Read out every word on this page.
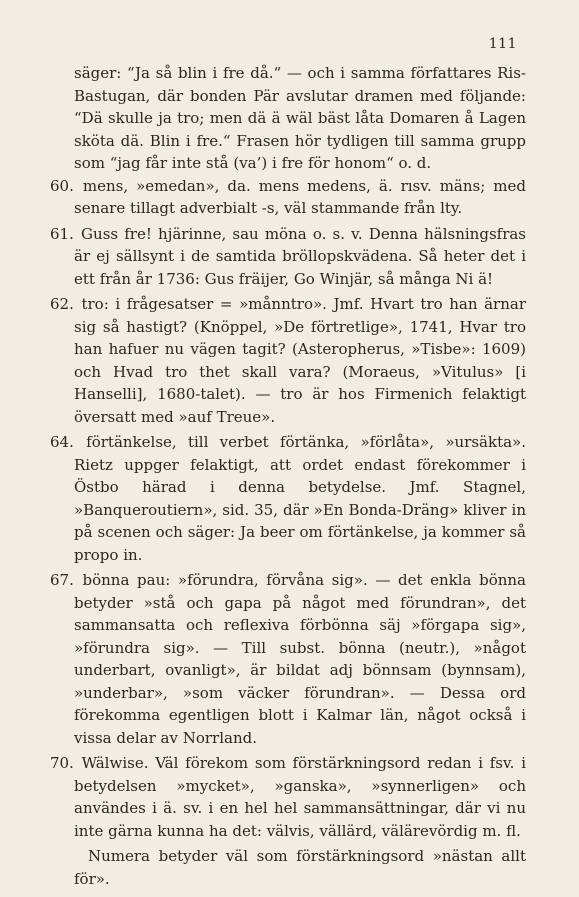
111

säger: “Ja så blin i fre då.“ — och i samma författares Ris-Bastugan, där bonden Pär avslutar dramen med följande: “Dä skulle ja tro; men dä ä wäl bäst låta Domaren å Lagen sköta dä. Blin i fre.“ Frasen hör tydligen till samma grupp som “jag får inte stå (va’) i fre för honom“ o. d.

60 . mens, »emedan», da. mens medens, ä. rısv. mäns; med senare tillagt adverbialt -s, väl stammande från lty.
61 . Guss fre! hjärinne, sau möna o. s. v. Denna hälsningsfras är ej sällsynt i de samtida bröllopskvädena. Så heter det i ett från år 1736: Gus fräijer, Go Winjär, så många Ni ä!
62 . tro: i frågesatser = »månntro». Jmf. Hvart tro han ärnar sig så hastigt? (Knöppel, »De förtretlige», 1741, Hvar tro han hafuer nu vägen tagit? (Asteropherus, »Tisbe»: 1609) och Hvad tro thet skall vara? (Moraeus, »Vitulus» [i Hanselli], 1680-talet). — tro är hos Firmenich felaktigt översatt med »auf Treue».
64 . förtänkelse, till verbet förtänka, »förlåta», »ursäkta». Rietz uppger felaktigt, att ordet endast förekommer i Östbo härad i denna betydelse. Jmf. Stagnel, »Banqueroutiern», sid. 35, där »En Bonda-Dräng» kliver in på scenen och säger: Ja beer om förtänkelse, ja kommer så propo in.
67 . bönna pau: »förundra, förvåna sig». — det enkla bönna betyder »stå och gapa på något med förundran», det sammansatta och reflexiva förbönna säj »förgapa sig», »förundra sig». — Till subst. bönna (neutr.), »något underbart, ovanligt», är bildat adj bönnsam (bynnsam), »underbar», »som väcker förundran». — Dessa ord förekomma egentligen blott i Kalmar län, något också i vissa delar av Norrland.
70 . Wälwise. Väl förekom som förstärkningsord redan i fsv. i betydelsen »mycket», »ganska», »synnerligen» och användes i ä. sv. i en hel hel sammansättningar, där vi nu inte gärna kunna ha det: välvis, vällärd, välärevördig m. fl.

Numera betyder väl som förstärkningsord »nästan allt för».
